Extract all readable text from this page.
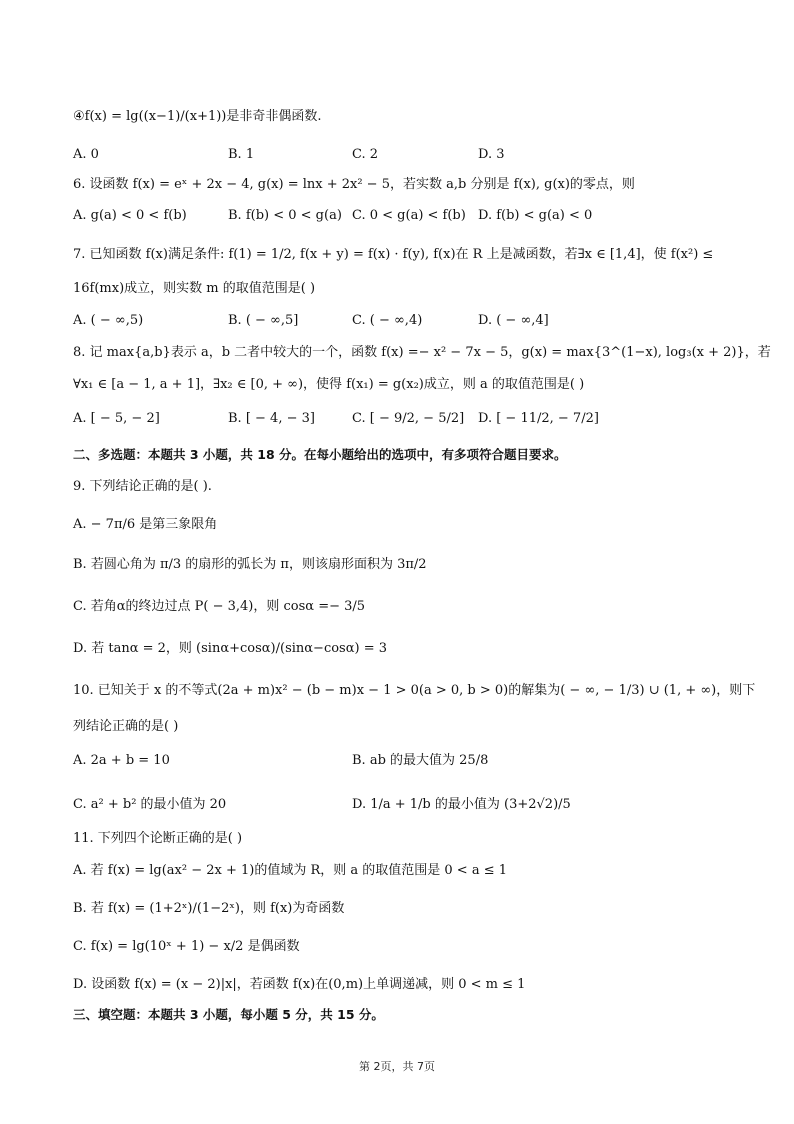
④f(x) = lg((x−1)/(x+1))是非奇非偶函数.
A. 0	B. 1	C. 2	D. 3
6. 设函数 f(x) = eˣ + 2x − 4, g(x) = lnx + 2x² − 5，若实数 a,b 分别是 f(x), g(x)的零点，则
A. g(a) < 0 < f(b)	B. f(b) < 0 < g(a) C. 0 < g(a) < f(b) D. f(b) < g(a) < 0
7. 已知函数 f(x)满足条件: f(1) = 1/2, f(x + y) = f(x) · f(y), f(x)在 R 上是减函数，若∃x ∈ [1,4]，使 f(x²) ≤
16f(mx)成立，则实数 m 的取值范围是( )
A. ( − ∞,5)	B. ( − ∞,5]	C. ( − ∞,4)	D. ( − ∞,4]
8. 记 max{a,b}表示 a，b 二者中较大的一个，函数 f(x) =− x² − 7x − 5，g(x) = max{3^(1−x), log₃(x + 2)}，若
∀x₁ ∈ [a − 1, a + 1]，∃x₂ ∈ [0, + ∞)，使得 f(x₁) = g(x₂)成立，则 a 的取值范围是( )
A. [ − 5, − 2]	B. [ − 4, − 3]	C. [ − 9/2, − 5/2] D. [ − 11/2, − 7/2]
二、多选题：本题共 3 小题，共 18 分。在每小题给出的选项中，有多项符合题目要求。
9. 下列结论正确的是( ).
A. − 7π/6 是第三象限角
B. 若圆心角为 π/3 的扇形的弧长为 π，则该扇形面积为 3π/2
C. 若角α的终边过点 P( − 3,4)，则 cosα =− 3/5
D. 若 tanα = 2，则 (sinα+cosα)/(sinα−cosα) = 3
10. 已知关于 x 的不等式(2a + m)x² − (b − m)x − 1 > 0(a > 0, b > 0)的解集为( − ∞, − 1/3) ∪ (1, + ∞)，则下
列结论正确的是( )
A. 2a + b = 10	B. ab 的最大值为 25/8
C. a² + b² 的最小值为 20	D. 1/a + 1/b 的最小值为 (3+2√2)/5
11. 下列四个论断正确的是( )
A. 若 f(x) = lg(ax² − 2x + 1)的值域为 R，则 a 的取值范围是 0 < a ≤ 1
B. 若 f(x) = (1+2ˣ)/(1−2ˣ)，则 f(x)为奇函数
C. f(x) = lg(10ˣ + 1) − x/2 是偶函数
D. 设函数 f(x) = (x − 2)|x|，若函数 f(x)在(0,m)上单调递减，则 0 < m ≤ 1
三、填空题：本题共 3 小题，每小题 5 分，共 15 分。
第 2页，共 7页
